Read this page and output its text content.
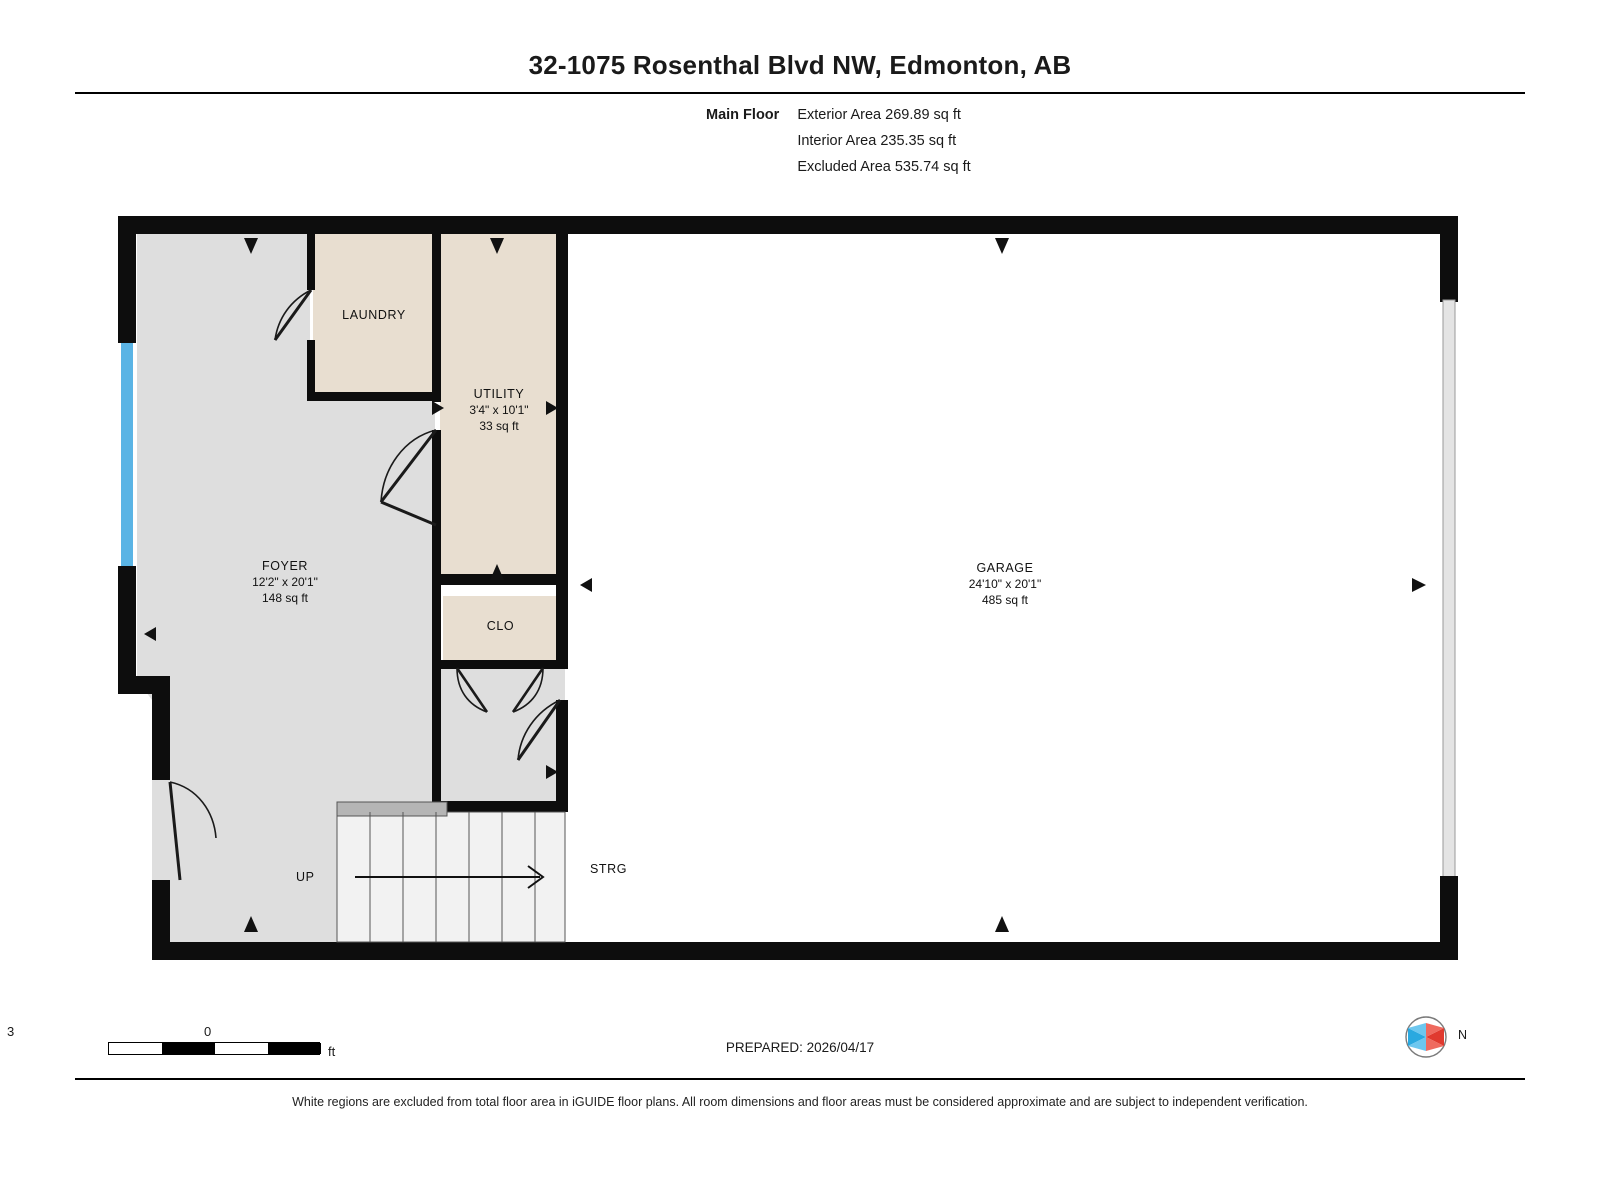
32-1075 Rosenthal Blvd NW, Edmonton, AB
Main Floor Exterior Area 269.89 sq ft
Interior Area 235.35 sq ft
Excluded Area 535.74 sq ft
LAUNDRY
UTILITY
3'4" x 10'1"
33 sq ft
CLO
FOYER
12'2" x 20'1"
148 sq ft
GARAGE
24'10" x 20'1"
485 sq ft
STRG
UP
0
3
ft	PREPARED: 2026/04/17
N
White regions are excluded from total floor area in iGUIDE floor plans. All room dimensions and floor areas must be considered approximate and are subject to independent verification.
